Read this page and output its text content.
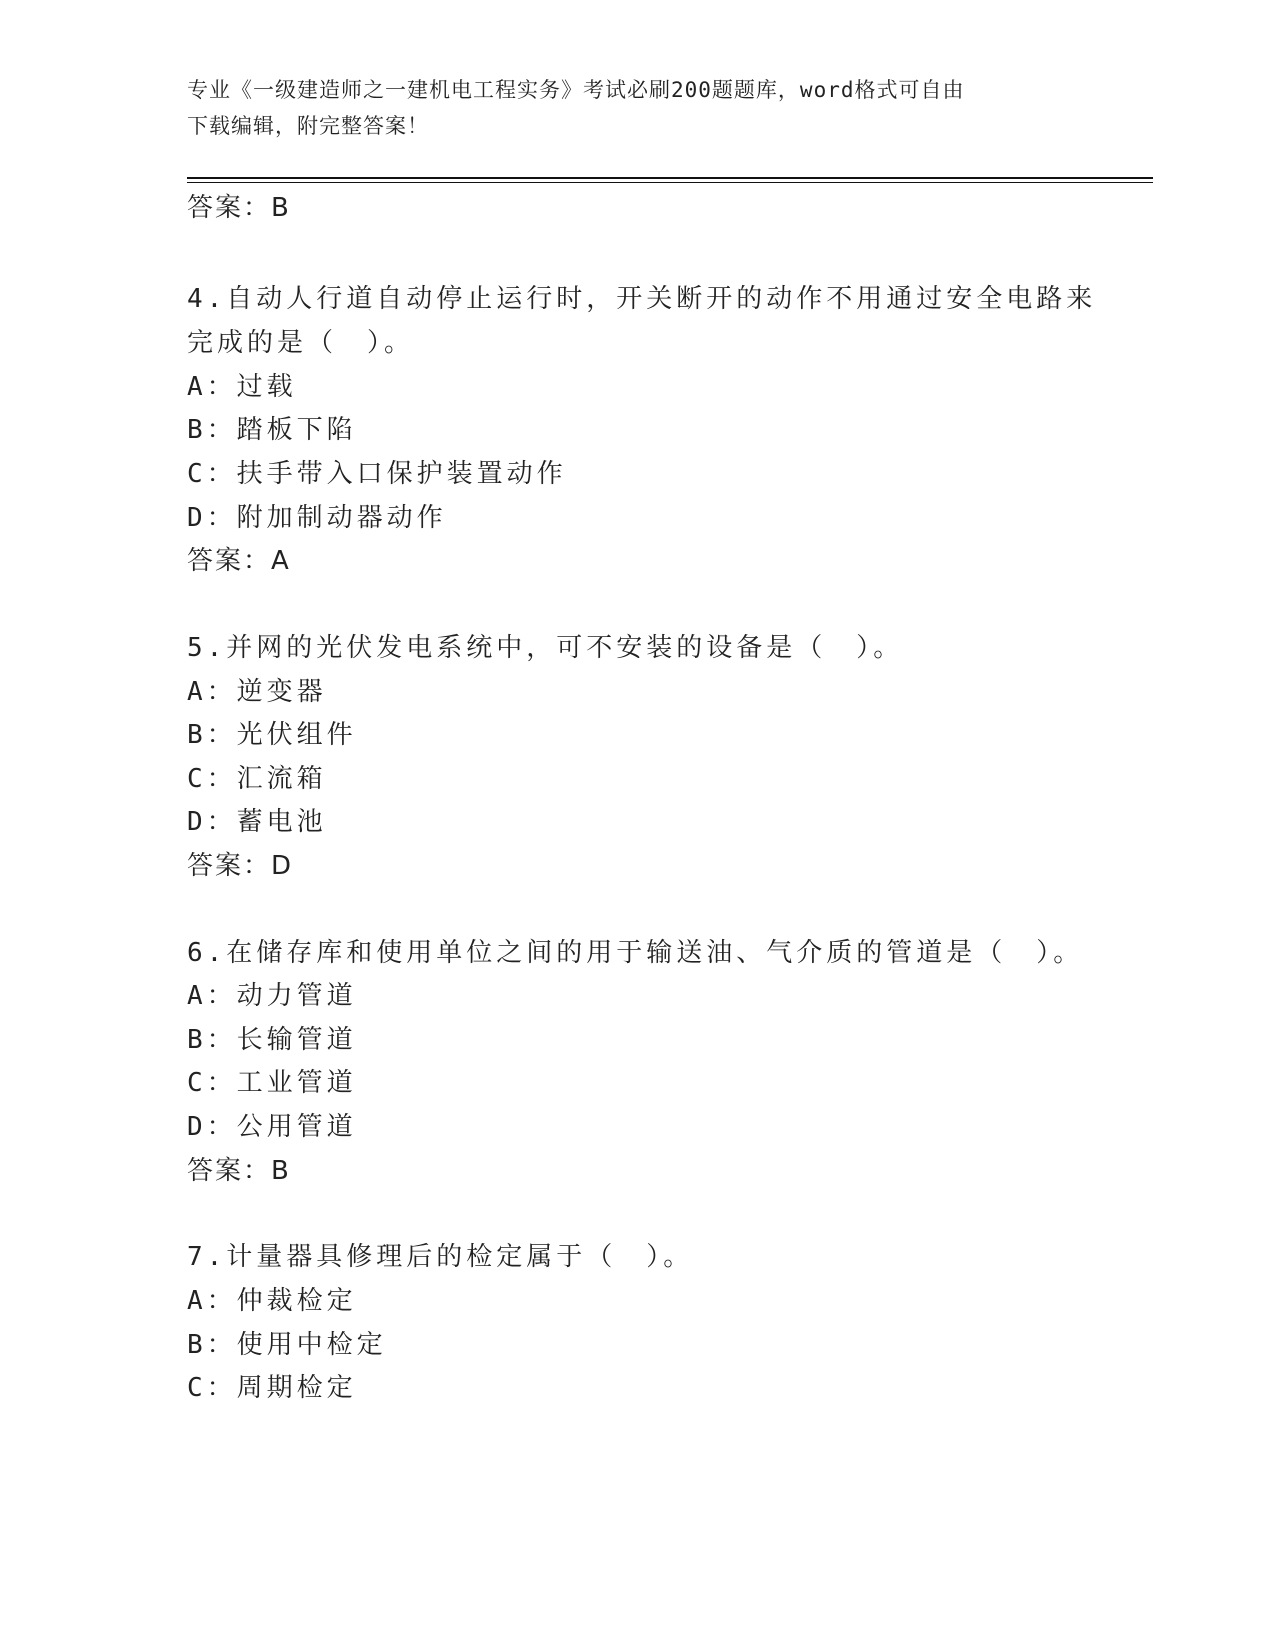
专业《一级建造师之一建机电工程实务》考试必刷200题题库，word格式可自由
下载编辑，附完整答案！
答案：B
4.自动人行道自动停止运行时，开关断开的动作不用通过安全电路来
完成的是（　）。
A：过载
B：踏板下陷
C：扶手带入口保护装置动作
D：附加制动器动作
答案：A
5.并网的光伏发电系统中，可不安装的设备是（　）。
A：逆变器
B：光伏组件
C：汇流箱
D：蓄电池
答案：D
6.在储存库和使用单位之间的用于输送油、气介质的管道是（　）。
A：动力管道
B：长输管道
C：工业管道
D：公用管道
答案：B
7.计量器具修理后的检定属于（　）。
A：仲裁检定
B：使用中检定
C：周期检定
